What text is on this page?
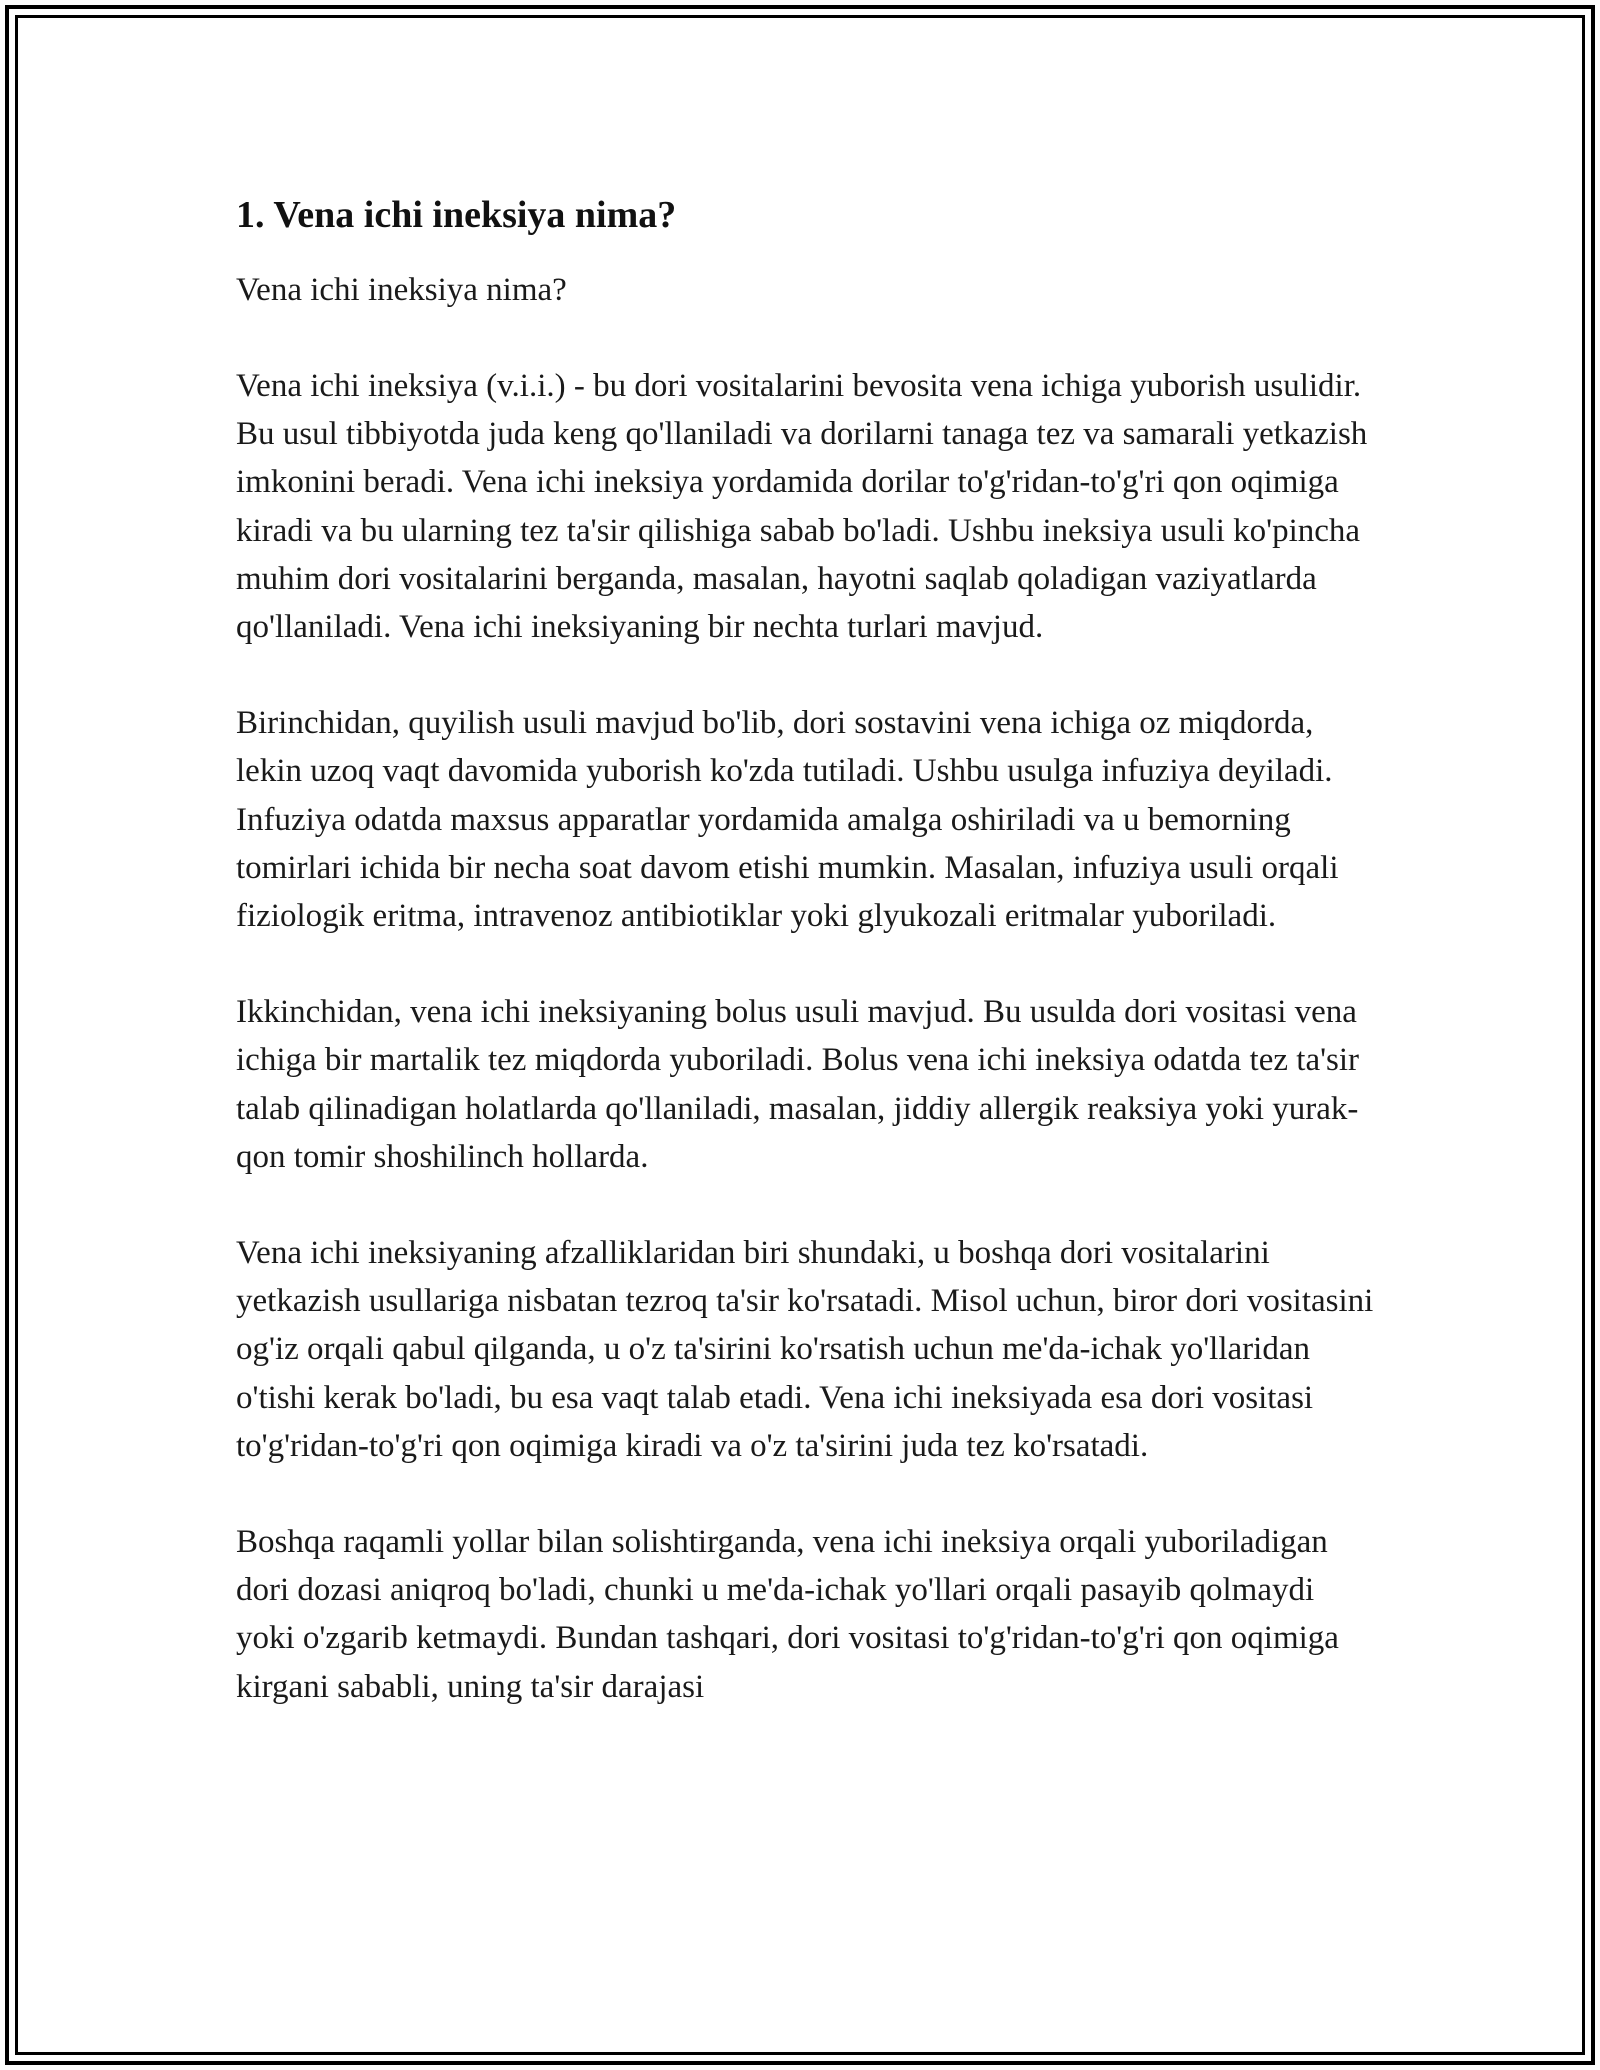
1. Vena ichi ineksiya nima?

Vena ichi ineksiya nima?

Vena ichi ineksiya (v.i.i.) - bu dori vositalarini bevosita vena ichiga yuborish usulidir. Bu usul tibbiyotda juda keng qo'llaniladi va dorilarni tanaga tez va samarali yetkazish imkonini beradi. Vena ichi ineksiya yordamida dorilar to'g'ridan-to'g'ri qon oqimiga kiradi va bu ularning tez ta'sir qilishiga sabab bo'ladi. Ushbu ineksiya usuli ko'pincha muhim dori vositalarini berganda, masalan, hayotni saqlab qoladigan vaziyatlarda qo'llaniladi. Vena ichi ineksiyaning bir nechta turlari mavjud.

Birinchidan, quyilish usuli mavjud bo'lib, dori sostavini vena ichiga oz miqdorda, lekin uzoq vaqt davomida yuborish ko'zda tutiladi. Ushbu usulga infuziya deyiladi. Infuziya odatda maxsus apparatlar yordamida amalga oshiriladi va u bemorning tomirlari ichida bir necha soat davom etishi mumkin. Masalan, infuziya usuli orqali fiziologik eritma, intravenoz antibiotiklar yoki glyukozali eritmalar yuboriladi.

Ikkinchidan, vena ichi ineksiyaning bolus usuli mavjud. Bu usulda dori vositasi vena ichiga bir martalik tez miqdorda yuboriladi. Bolus vena ichi ineksiya odatda tez ta'sir talab qilinadigan holatlarda qo'llaniladi, masalan, jiddiy allergik reaksiya yoki yurak-qon tomir shoshilinch hollarda.

Vena ichi ineksiyaning afzalliklaridan biri shundaki, u boshqa dori vositalarini yetkazish usullariga nisbatan tezroq ta'sir ko'rsatadi. Misol uchun, biror dori vositasini og'iz orqali qabul qilganda, u o'z ta'sirini ko'rsatish uchun me'da-ichak yo'llaridan o'tishi kerak bo'ladi, bu esa vaqt talab etadi. Vena ichi ineksiyada esa dori vositasi to'g'ridan-to'g'ri qon oqimiga kiradi va o'z ta'sirini juda tez ko'rsatadi.

Boshqa raqamli yollar bilan solishtirganda, vena ichi ineksiya orqali yuboriladigan dori dozasi aniqroq bo'ladi, chunki u me'da-ichak yo'llari orqali pasayib qolmaydi yoki o'zgarib ketmaydi. Bundan tashqari, dori vositasi to'g'ridan-to'g'ri qon oqimiga kirgani sababli, uning ta'sir darajasi
